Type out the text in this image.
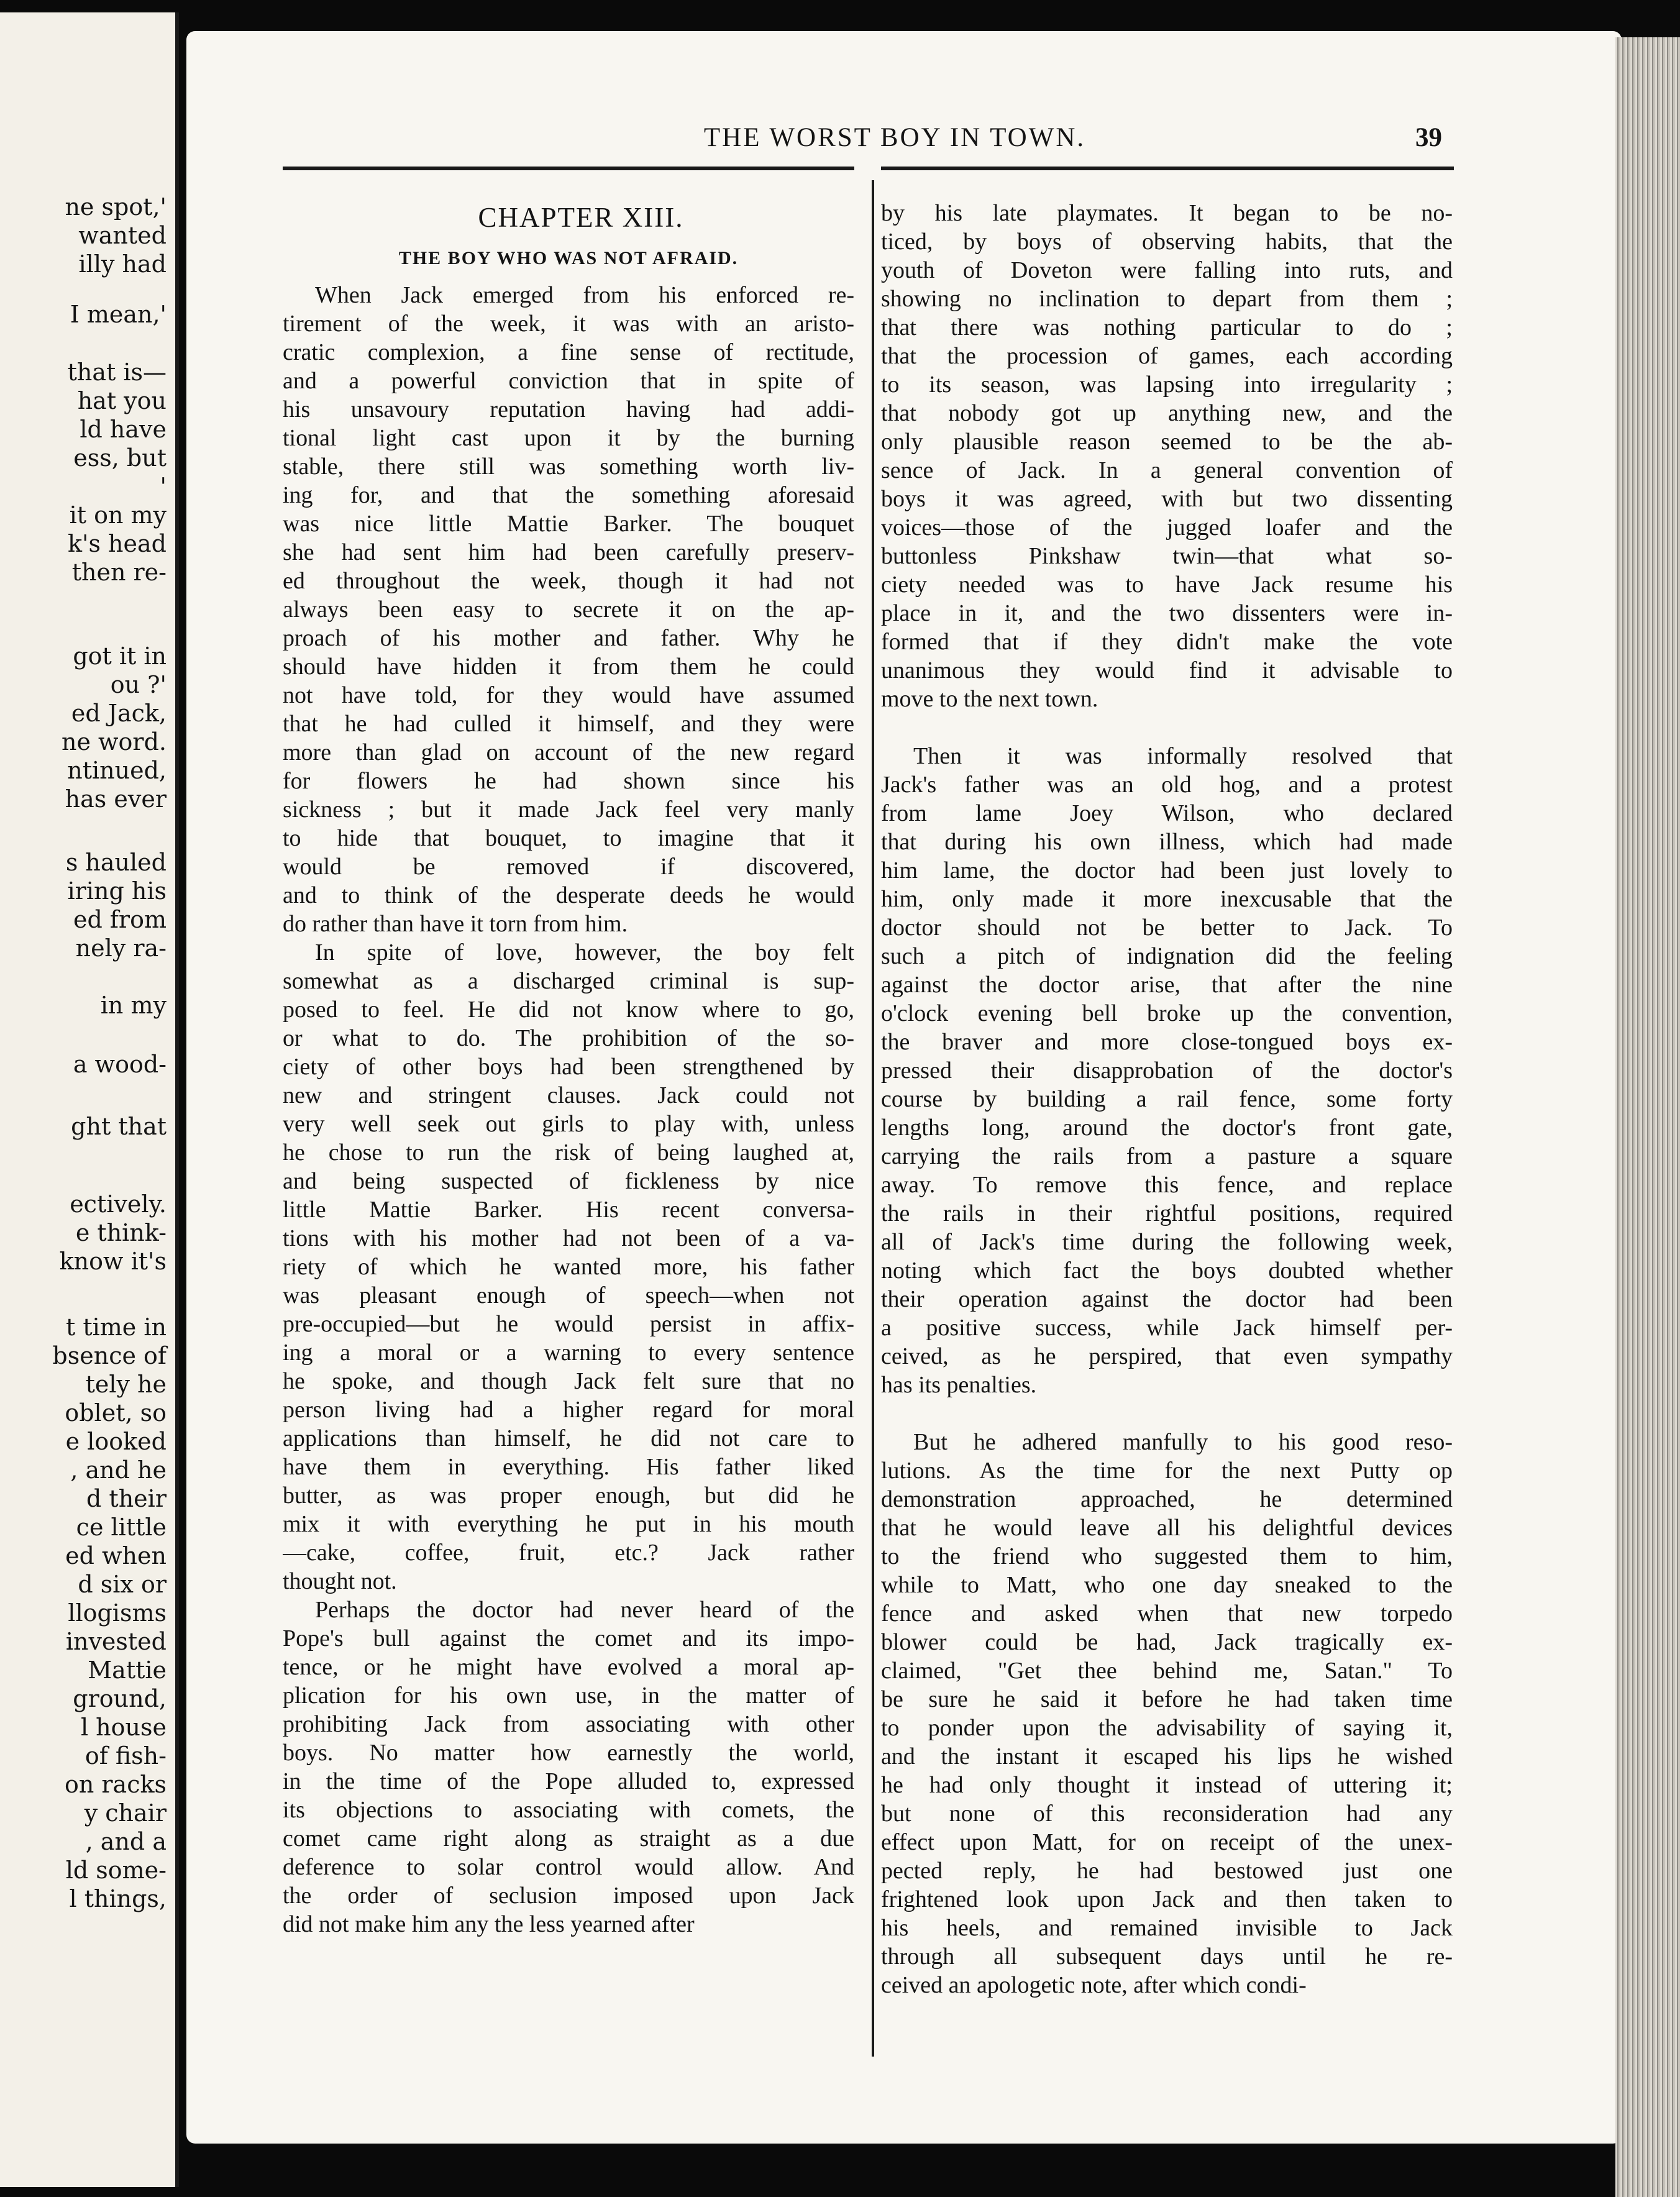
ne spot,'
wanted
illy had
I mean,'
that is—
hat you
ld have
ess, but
'
it on my
k's head
then re-
got it in
ou ?'
ed Jack,
ne word.
ntinued,
has ever
s hauled
iring his
ed from
nely ra-
in my
a wood-
ght that
ectively.
e think-
know it's
t time in
bsence of
tely he
oblet, so
e looked
, and he
d their
ce little
ed when
d six or
llogisms
invested
Mattie
ground,
l house
of fish-
on racks
y chair
, and a
ld some-
l things,
THE WORST BOY IN TOWN.	39
CHAPTER XIII.
THE BOY WHO WAS NOT AFRAID.
When Jack emerged from his enforced re-
tirement of the week, it was with an aristo-
cratic complexion, a fine sense of rectitude,
and a powerful conviction that in spite of
his unsavoury reputation having had addi-
tional light cast upon it by the burning
stable, there still was something worth liv-
ing for, and that the something aforesaid
was nice little Mattie Barker. The bouquet
she had sent him had been carefully preserv-
ed throughout the week, though it had not
always been easy to secrete it on the ap-
proach of his mother and father. Why he
should have hidden it from them he could
not have told, for they would have assumed
that he had culled it himself, and they were
more than glad on account of the new regard
for flowers he had shown since his
sickness ; but it made Jack feel very manly
to hide that bouquet, to imagine that it
would be removed if discovered,
and to think of the desperate deeds he would
do rather than have it torn from him.
In spite of love, however, the boy felt
somewhat as a discharged criminal is sup-
posed to feel. He did not know where to go,
or what to do. The prohibition of the so-
ciety of other boys had been strengthened by
new and stringent clauses. Jack could not
very well seek out girls to play with, unless
he chose to run the risk of being laughed at,
and being suspected of fickleness by nice
little Mattie Barker. His recent conversa-
tions with his mother had not been of a va-
riety of which he wanted more, his father
was pleasant enough of speech—when not
pre-occupied—but he would persist in affix-
ing a moral or a warning to every sentence
he spoke, and though Jack felt sure that no
person living had a higher regard for moral
applications than himself, he did not care to
have them in everything. His father liked
butter, as was proper enough, but did he
mix it with everything he put in his mouth
—cake, coffee, fruit, etc.? Jack rather
thought not.
Perhaps the doctor had never heard of the
Pope's bull against the comet and its impo-
tence, or he might have evolved a moral ap-
plication for his own use, in the matter of
prohibiting Jack from associating with other
boys. No matter how earnestly the world,
in the time of the Pope alluded to, expressed
its objections to associating with comets, the
comet came right along as straight as a due
deference to solar control would allow. And
the order of seclusion imposed upon Jack
did not make him any the less yearned after
by his late playmates. It began to be no-
ticed, by boys of observing habits, that the
youth of Doveton were falling into ruts, and
showing no inclination to depart from them ;
that there was nothing particular to do ;
that the procession of games, each according
to its season, was lapsing into irregularity ;
that nobody got up anything new, and the
only plausible reason seemed to be the ab-
sence of Jack. In a general convention of
boys it was agreed, with but two dissenting
voices—those of the jugged loafer and the
buttonless Pinkshaw twin—that what so-
ciety needed was to have Jack resume his
place in it, and the two dissenters were in-
formed that if they didn't make the vote
unanimous they would find it advisable to
move to the next town.
Then it was informally resolved that
Jack's father was an old hog, and a protest
from lame Joey Wilson, who declared
that during his own illness, which had made
him lame, the doctor had been just lovely to
him, only made it more inexcusable that the
doctor should not be better to Jack. To
such a pitch of indignation did the feeling
against the doctor arise, that after the nine
o'clock evening bell broke up the convention,
the braver and more close-tongued boys ex-
pressed their disapprobation of the doctor's
course by building a rail fence, some forty
lengths long, around the doctor's front gate,
carrying the rails from a pasture a square
away. To remove this fence, and replace
the rails in their rightful positions, required
all of Jack's time during the following week,
noting which fact the boys doubted whether
their operation against the doctor had been
a positive success, while Jack himself per-
ceived, as he perspired, that even sympathy
has its penalties.
But he adhered manfully to his good reso-
lutions. As the time for the next Putty op
demonstration approached, he determined
that he would leave all his delightful devices
to the friend who suggested them to him,
while to Matt, who one day sneaked to the
fence and asked when that new torpedo
blower could be had, Jack tragically ex-
claimed, "Get thee behind me, Satan." To
be sure he said it before he had taken time
to ponder upon the advisability of saying it,
and the instant it escaped his lips he wished
he had only thought it instead of uttering it;
but none of this reconsideration had any
effect upon Matt, for on receipt of the unex-
pected reply, he had bestowed just one
frightened look upon Jack and then taken to
his heels, and remained invisible to Jack
through all subsequent days until he re-
ceived an apologetic note, after which condi-
